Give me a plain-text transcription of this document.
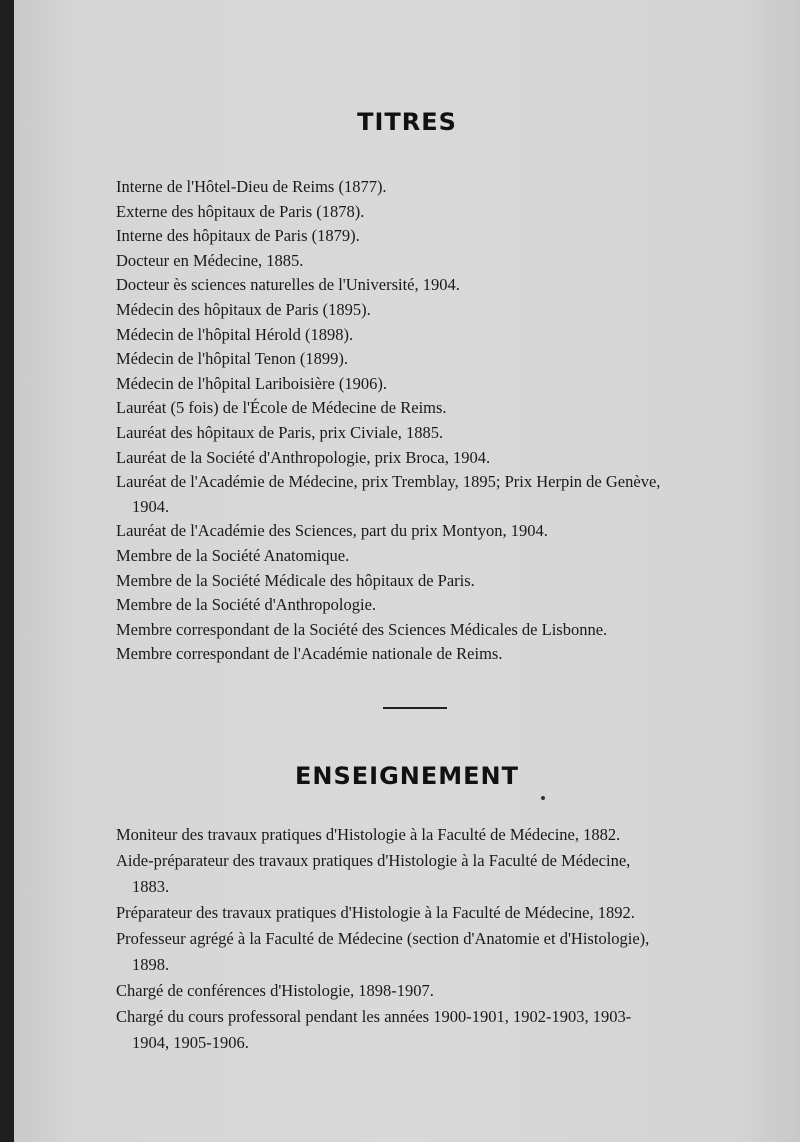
TITRES
Interne de l'Hôtel-Dieu de Reims (1877).
Externe des hôpitaux de Paris (1878).
Interne des hôpitaux de Paris (1879).
Docteur en Médecine, 1885.
Docteur ès sciences naturelles de l'Université, 1904.
Médecin des hôpitaux de Paris (1895).
Médecin de l'hôpital Hérold (1898).
Médecin de l'hôpital Tenon (1899).
Médecin de l'hôpital Lariboisière (1906).
Lauréat (5 fois) de l'École de Médecine de Reims.
Lauréat des hôpitaux de Paris, prix Civiale, 1885.
Lauréat de la Société d'Anthropologie, prix Broca, 1904.
Lauréat de l'Académie de Médecine, prix Tremblay, 1895; Prix Herpin de Genève,
1904.
Lauréat de l'Académie des Sciences, part du prix Montyon, 1904.
Membre de la Société Anatomique.
Membre de la Société Médicale des hôpitaux de Paris.
Membre de la Société d'Anthropologie.
Membre correspondant de la Société des Sciences Médicales de Lisbonne.
Membre correspondant de l'Académie nationale de Reims.
ENSEIGNEMENT
Moniteur des travaux pratiques d'Histologie à la Faculté de Médecine, 1882.
Aide-préparateur des travaux pratiques d'Histologie à la Faculté de Médecine,
1883.
Préparateur des travaux pratiques d'Histologie à la Faculté de Médecine, 1892.
Professeur agrégé à la Faculté de Médecine (section d'Anatomie et d'Histologie),
1898.
Chargé de conférences d'Histologie, 1898-1907.
Chargé du cours professoral pendant les années 1900-1901, 1902-1903, 1903-
1904, 1905-1906.
